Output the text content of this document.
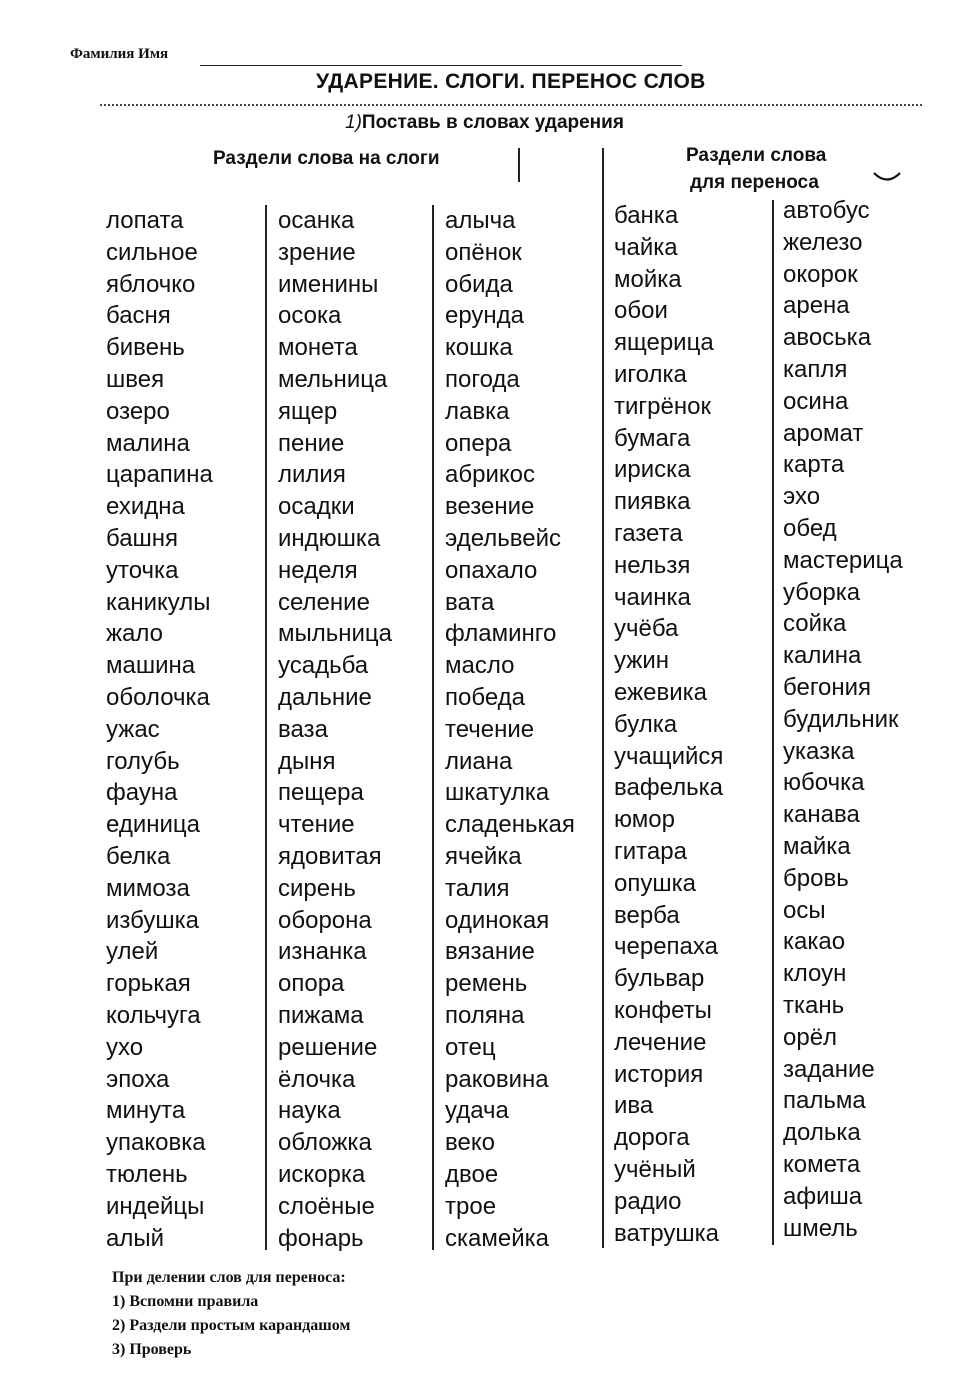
Фамилия Имя
УДАРЕНИЕ. СЛОГИ. ПЕРЕНОС СЛОВ
1)Поставь в словах ударения
Раздели слова на слоги	Раздели слова
для переноса
лопата
сильное
яблочко
басня
бивень
швея
озеро
малина
царапина
ехидна
башня
уточка
каникулы
жало
машина
оболочка
ужас
голубь
фауна
единица
белка
мимоза
избушка
улей
горькая
кольчуга
ухо
эпоха
минута
упаковка
тюлень
индейцы
алый
осанка
зрение
именины
осока
монета
мельница
ящер
пение
лилия
осадки
индюшка
неделя
селение
мыльница
усадьба
дальние
ваза
дыня
пещера
чтение
ядовитая
сирень
оборона
изнанка
опора
пижама
решение
ёлочка
наука
обложка
искорка
слоёные
фонарь
алыча
опёнок
обида
ерунда
кошка
погода
лавка
опера
абрикос
везение
эдельвейс
опахало
вата
фламинго
масло
победа
течение
лиана
шкатулка
сладенькая
ячейка
талия
одинокая
вязание
ремень
поляна
отец
раковина
удача
веко
двое
трое
скамейка
банка
чайка
мойка
обои
ящерица
иголка
тигрёнок
бумага
ириска
пиявка
газета
нельзя
чаинка
учёба
ужин
ежевика
булка
учащийся
вафелька
юмор
гитара
опушка
верба
черепаха
бульвар
конфеты
лечение
история
ива
дорога
учёный
радио
ватрушка
автобус
железо
окорок
арена
авоська
капля
осина
аромат
карта
эхо
обед
мастерица
уборка
сойка
калина
бегония
будильник
указка
юбочка
канава
майка
бровь
осы
какао
клоун
ткань
орёл
задание
пальма
долька
комета
афиша
шмель
При делении слов для переноса:
1) Вспомни правила
2) Раздели простым карандашом
3) Проверь
